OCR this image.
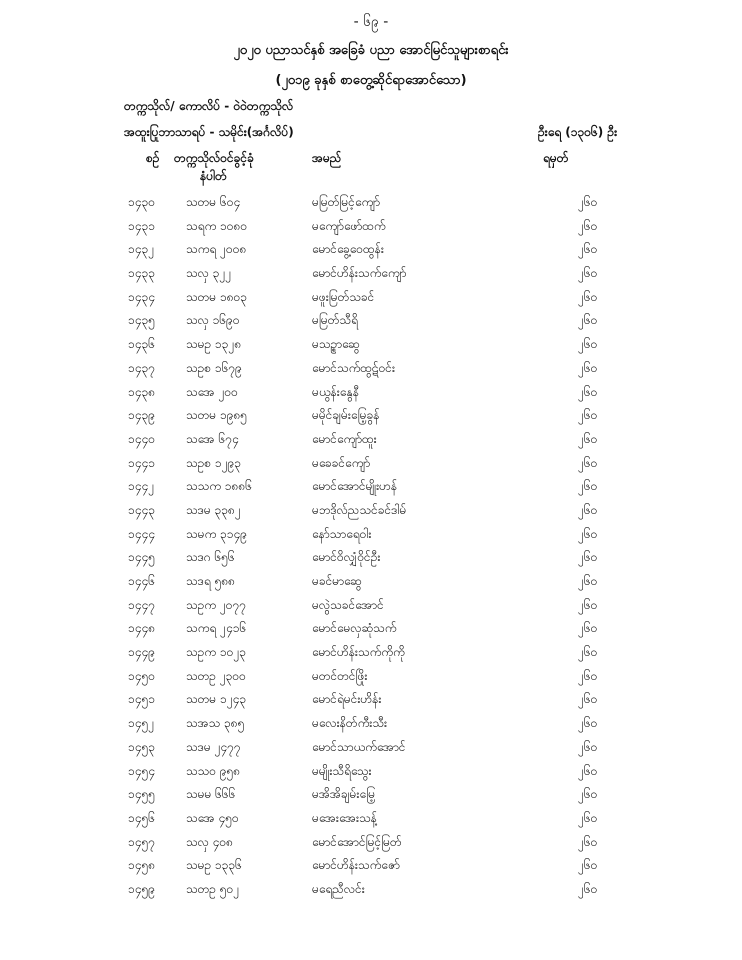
- ၆၉ -
၂၀၂၀ ပညာသင်နှစ် အခြေခံ ပညာ အောင်မြင်သူများစာရင်း
(၂၀၁၉ ခုနှစ် စာတွေ့ဆိုင်ရာအောင်သော)
တက္ကသိုလ်/ ကောလိပ် - ဝဲဝဲတက္ကသိုလ်
အထူးပြုဘာသာရပ် - သမိုင်း(အင်္ဂလိပ်)	ဦးရေ (၁၃၀၆) ဦး
စဉ် တက္ကသိုလ်ဝင်ခွင့်ခုံ
နံပါတ်
အမည်	ရမှတ်
၁၄၃၀	သတမ ၆၀၄	မမြတ်မြင့်ကျော်	၂၆၀
၁၄၃၁	သရက ၁၀၈၀	မကျော်ဖော်ထက်	၂၆၀
၁၄၃၂	သကရ ၂၀၀၈	မောင်ခွေ့ဝေထွန်း	၂၆၀
၁၄၃၃	သလှ ၃၂၂	မောင်ဟိန်းသက်ကျော်	၂၆၀
၁၄၃၄	သတမ ၁၈၀၃	မဖူးမြတ်သခင်	၂၆၀
၁၄၃၅	သလှ ၁၆၉၀	မမြတ်သီရိ	၂၆၀
၁၄၃၆	သမဥ ၁၃၂၈	မသဥ္စာဆွေ	၂၆၀
၁၄၃၇	သဥစ ၁၆၇၉	မောင်သက်ထွဋ်ဝင်း	၂၆၀
၁၄၃၈	သအေ ၂၀၀	မယွန်းနွေနီ	၂၆၀
၁၄၃၉	သတမ ၁၉၈၅	မမိုင်ချမ်းမြေ့ခွန်	၂၆၀
၁၄၄၀	သအေ ၆၇၄	မောင်ကျော်ထူး	၂၆၀
၁၄၄၁	သဥစ ၁၂၉၃	မခေခင်ကျော်	၂၆၀
၁၄၄၂	သသက ၁၈၈၆	မောင်အောင်မျိုးဟန်	၂၆၀
၁၄၄၃	သဒမ ၃၃၈၂	မဘဒိုလ်ညသင်ခင်ဒါမ်	၂၆၀
၁၄၄၄	သမက ၃၁၄၉	နော်သာရေ၀ါး	၂၆၀
၁၄၄၅	သဒဂ ၆၅၆	မောင်ဝိလျှံဝိုင်ဦး	၂၆၀
၁၄၄၆	သဒရ ၅၈၈	မခင်မာဆွေ	၂၆၀
၁၄၄၇	သဥက ၂၀၇၇	မလွဲသခင်အောင်	၂၆၀
၁၄၄၈	သကရ ၂၄၁၆	မောင်မေလှဆုံသက်	၂၆၀
၁၄၄၉	သဥက ၁၀၂၃	မောင်ဟိန်းသက်ကိုကို	၂၆၀
၁၄၅၀	သတဥ ၂၃၀၀	မတင်တင်ဖြိုး	၂၆၀
၁၄၅၁	သတမ ၁၂၄၃	မောင်ရဲမင်းဟိန်း	၂၆၀
၁၄၅၂	သအသ ၃၈၅	မလေးနိတ်ကီးသီး	၂၆၀
၁၄၅၃	သဒမ ၂၄၇၇	မောင်သာယက်အောင်	၂၆၀
၁၄၅၄	သသဝ ၉၅၈	မမျိုးသီရိသွေး	၂၆၀
၁၄၅၅	သမမ ၆၆၆	မအိအိချမ်းမြေ့	၂၆၀
၁၄၅၆	သအေ ၄၅၀	မအေးအေးသန့်	၂၆၀
၁၄၅၇	သလှ ၄၀၈	မောင်အောင်မြင့်မြတ်	၂၆၀
၁၄၅၈	သမဥ ၁၃၃၆	မောင်ဟိန်းသက်ဇော်	၂၆၀
၁၄၅၉	သတဥ ၅၀၂	မရေညီလင်း	၂၆၀
